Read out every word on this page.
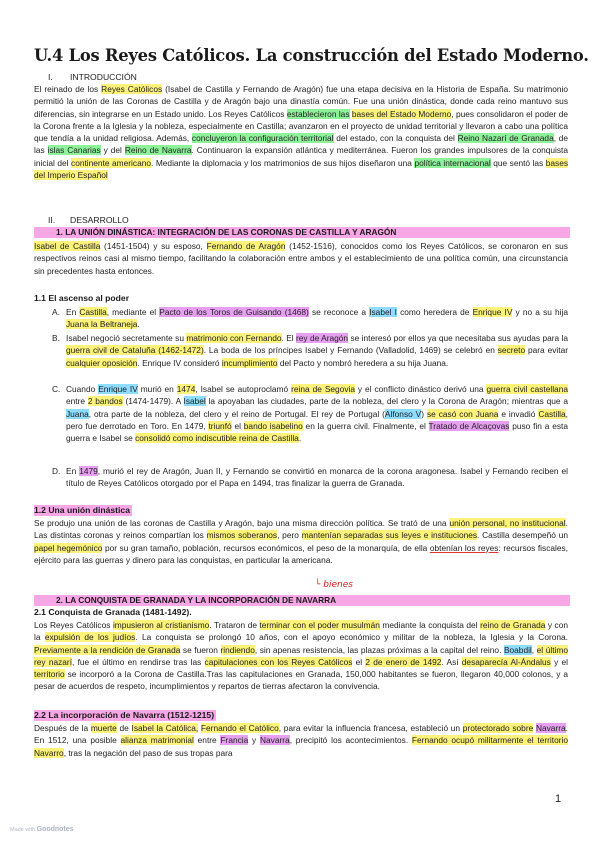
U.4 Los Reyes Católicos. La construcción del Estado Moderno.
I. INTRODUCCIÓN
El reinado de los Reyes Católicos (Isabel de Castilla y Fernando de Aragón) fue una etapa decisiva en la Historia de España. Su matrimonio permitió la unión de las Coronas de Castilla y de Aragón bajo una dinastía común. Fue una unión dinástica, donde cada reino mantuvo sus diferencias, sin integrarse en un Estado unido. Los Reyes Católicos establecieron las bases del Estado Moderno, pues consolidaron el poder de la Corona frente a la Iglesia y la nobleza, especialmente en Castilla; avanzaron en el proyecto de unidad territorial y llevaron a cabo una política que tendía a la unidad religiosa. Además, concluyeron la configuración territorial del estado, con la conquista del Reino Nazarí de Granada, de las islas Canarias y del Reino de Navarra. Continuaron la expansión atlántica y mediterránea. Fueron los grandes impulsores de la conquista inicial del continente americano. Mediante la diplomacia y los matrimonios de sus hijos diseñaron una política internacional que sentó las bases del Imperio Español
II. DESARROLLO
1. LA UNIÓN DINÁSTICA: INTEGRACIÓN DE LAS CORONAS DE CASTILLA Y ARAGÓN
Isabel de Castilla (1451-1504) y su esposo, Fernando de Aragón (1452-1516), conocidos como los Reyes Católicos, se coronaron en sus respectivos reinos casi al mismo tiempo, facilitando la colaboración entre ambos y el establecimiento de una política común, una circunstancia sin precedentes hasta entonces.
1.1 El ascenso al poder
A. En Castilla, mediante el Pacto de los Toros de Guisando (1468) se reconoce a Isabel I como heredera de Enrique IV y no a su hija Juana la Beltraneja.
B. Isabel negoció secretamente su matrimonio con Fernando. El rey de Aragón se interesó por ellos ya que necesitaba sus ayudas para la guerra civil de Cataluña (1462-1472). La boda de los príncipes Isabel y Fernando (Valladolid, 1469) se celebró en secreto para evitar cualquier oposición. Enrique IV consideró incumplimiento del Pacto y nombró heredera a su hija Juana.
C. Cuando Enrique IV murió en 1474, Isabel se autoproclamó reina de Segovia y el conflicto dinástico derivó una guerra civil castellana entre 2 bandos (1474-1479). A Isabel la apoyaban las ciudades, parte de la nobleza, del clero y la Corona de Aragón; mientras que a Juana, otra parte de la nobleza, del clero y el reino de Portugal. El rey de Portugal (Alfonso V) se casó con Juana e invadió Castilla, pero fue derrotado en Toro. En 1479, triunfó el bando isabelino en la guerra civil. Finalmente, el Tratado de Alcaçovas puso fin a esta guerra e Isabel se consolidó como indiscutible reina de Castilla.
D. En 1479, murió el rey de Aragón, Juan II, y Fernando se convirtió en monarca de la corona aragonesa. Isabel y Fernando reciben el título de Reyes Católicos otorgado por el Papa en 1494, tras finalizar la guerra de Granada.
1.2 Una unión dinástica
Se produjo una unión de las coronas de Castilla y Aragón, bajo una misma dirección política. Se trató de una unión personal, no institucional. Las distintas coronas y reinos compartían los mismos soberanos, pero mantenían separadas sus leyes e instituciones. Castilla desempeñó un papel hegemónico por su gran tamaño, población, recursos económicos, el peso de la monarquía, de ella obtenían los reyes: recursos fiscales, ejército para las guerras y dinero para las conquistas, en particular la americana.
└ bienes
2. LA CONQUISTA DE GRANADA Y LA INCORPORACIÓN DE NAVARRA
2.1 Conquista de Granada (1481-1492).
Los Reyes Católicos impusieron al cristianismo. Trataron de terminar con el poder musulmán mediante la conquista del reino de Granada y con la expulsión de los judíos. La conquista se prolongó 10 años, con el apoyo económico y militar de la nobleza, la Iglesia y la Corona. Previamente a la rendición de Granada se fueron rindiendo, sin apenas resistencia, las plazas próximas a la capital del reino. Boabdil, el último rey nazarí, fue el último en rendirse tras las capitulaciones con los Reyes Católicos el 2 de enero de 1492. Así desaparecía Al-Ándalus y el territorio se incorporó a la Corona de Castilla.Tras las capitulaciones en Granada, 150,000 habitantes se fueron, llegaron 40,000 colonos, y a pesar de acuerdos de respeto, incumplimientos y repartos de tierras afectaron la convivencia.
2.2 La incorporación de Navarra (1512-1215)
Después de la muerte de Isabel la Católica, Fernando el Católico, para evitar la influencia francesa, estableció un protectorado sobre Navarra. En 1512, una posible alianza matrimonial entre Francia y Navarra, precipitó los acontecimientos. Fernando ocupó militarmente el territorio Navarro, tras la negación del paso de sus tropas para
1
Made with Goodnotes
